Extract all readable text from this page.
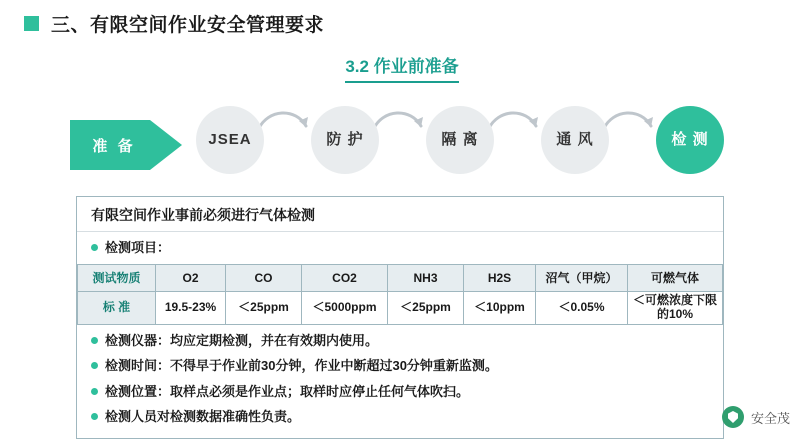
三、有限空间作业安全管理要求
3.2 作业前准备
准 备	JSEA	防 护	隔 离	通 风	检 测
有限空间作业事前必须进行气体检测
检测项目：
测试物质	O2	CO	CO2	NH3	H2S	沼气（甲烷）	可燃气体
标 准	19.5-23%	＜25ppm	＜5000ppm	＜25ppm	＜10ppm	＜0.05%	＜可燃浓度下限的10%
检测仪器： 均应定期检测，并在有效期内使用。
检测时间： 不得早于作业前30分钟，作业中断超过30分钟重新监测。
检测位置： 取样点必须是作业点；取样时应停止任何气体吹扫。
检测人员对检测数据准确性负责。	安全茂
